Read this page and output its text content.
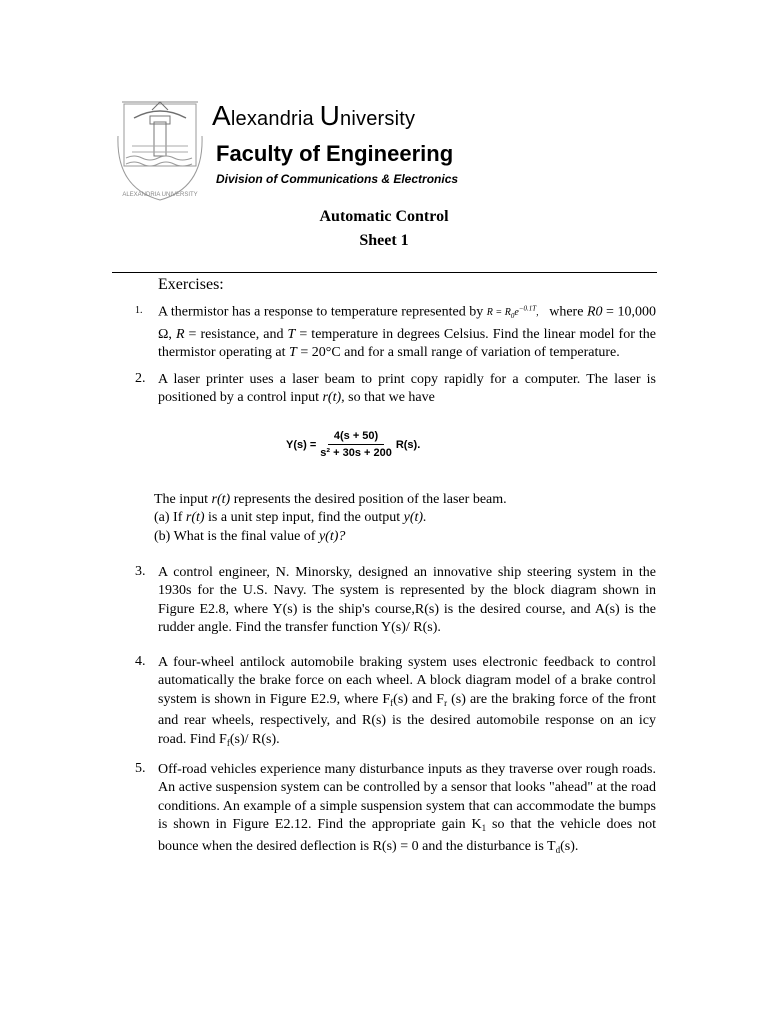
ALEXANDRIA UNIVERSITY
Alexandria University
Faculty of Engineering
Division of Communications & Electronics
Automatic Control
Sheet 1
Exercises:
1. A thermistor has a response to temperature represented by $R = R_0e^{-0.1T}$,   where R0 = 10,000 Ω, R = resistance, and T = temperature in degrees Celsius. Find the linear model for the thermistor operating at T = 20°C and for a small range of variation of temperature.
2. A laser printer uses a laser beam to print copy rapidly for a computer. The laser is positioned by a control input r(t), so that we have
$Y(s) = \frac{4(s + 50)}{\text{s² + 30s + 200}} R(s)$.
The input r(t) represents the desired position of the laser beam.
(a) If r(t) is a unit step input, find the output y(t).
(b) What is the final value of y(t)?
3. A control engineer, N. Minorsky, designed an innovative ship steering system in the 1930s for the U.S. Navy. The system is represented by the block diagram shown in Figure E2.8, where Y(s) is the ship's course,R(s) is the desired course, and A(s) is the rudder angle. Find the transfer function Y(s)/ R(s).
4. A four-wheel antilock automobile braking system uses electronic feedback to control automatically the brake force on each wheel. A block diagram model of a brake control system is shown in Figure E2.9, where $F_f(s)$ and $F_r$ (s) are the braking force of the front and rear wheels, respectively, and R(s) is the desired automobile response on an icy road. Find $F_f(s)/$ R(s).
5. Off-road vehicles experience many disturbance inputs as they traverse over rough roads. An active suspension system can be controlled by a sensor that looks "ahead" at the road conditions. An example of a simple suspension system that can accommodate the bumps is shown in Figure E2.12. Find the appropriate gain $K_1$ so that the vehicle does not bounce when the desired deflection is R(s) = 0 and the disturbance is $T_d(s)$.
